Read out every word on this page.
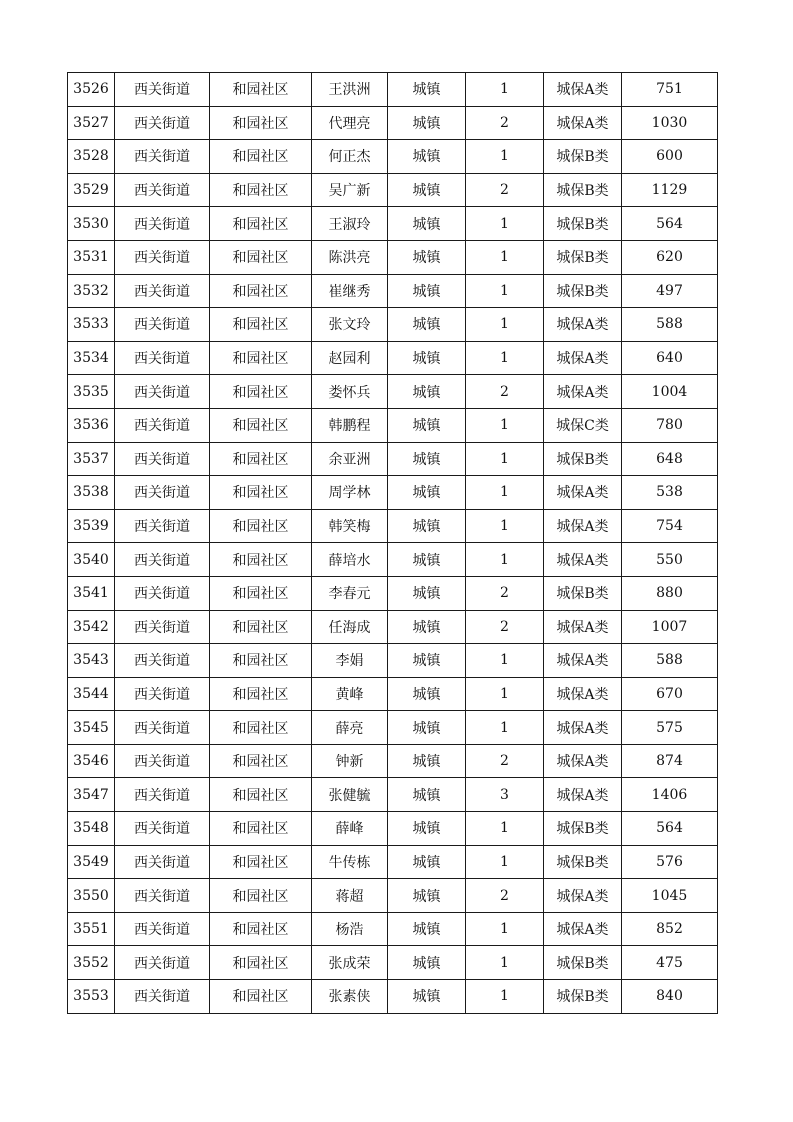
3526	西关街道	和园社区	王洪洲	城镇	1	城保A类	751
3527	西关街道	和园社区	代理亮	城镇	2	城保A类	1030
3528	西关街道	和园社区	何正杰	城镇	1	城保B类	600
3529	西关街道	和园社区	吴广新	城镇	2	城保B类	1129
3530	西关街道	和园社区	王淑玲	城镇	1	城保B类	564
3531	西关街道	和园社区	陈洪亮	城镇	1	城保B类	620
3532	西关街道	和园社区	崔继秀	城镇	1	城保B类	497
3533	西关街道	和园社区	张文玲	城镇	1	城保A类	588
3534	西关街道	和园社区	赵园利	城镇	1	城保A类	640
3535	西关街道	和园社区	娄怀兵	城镇	2	城保A类	1004
3536	西关街道	和园社区	韩鹏程	城镇	1	城保C类	780
3537	西关街道	和园社区	余亚洲	城镇	1	城保B类	648
3538	西关街道	和园社区	周学林	城镇	1	城保A类	538
3539	西关街道	和园社区	韩笑梅	城镇	1	城保A类	754
3540	西关街道	和园社区	薛培水	城镇	1	城保A类	550
3541	西关街道	和园社区	李春元	城镇	2	城保B类	880
3542	西关街道	和园社区	任海成	城镇	2	城保A类	1007
3543	西关街道	和园社区	李娟	城镇	1	城保A类	588
3544	西关街道	和园社区	黄峰	城镇	1	城保A类	670
3545	西关街道	和园社区	薛亮	城镇	1	城保A类	575
3546	西关街道	和园社区	钟新	城镇	2	城保A类	874
3547	西关街道	和园社区	张健毓	城镇	3	城保A类	1406
3548	西关街道	和园社区	薛峰	城镇	1	城保B类	564
3549	西关街道	和园社区	牛传栋	城镇	1	城保B类	576
3550	西关街道	和园社区	蒋超	城镇	2	城保A类	1045
3551	西关街道	和园社区	杨浩	城镇	1	城保A类	852
3552	西关街道	和园社区	张成荣	城镇	1	城保B类	475
3553	西关街道	和园社区	张素侠	城镇	1	城保B类	840
